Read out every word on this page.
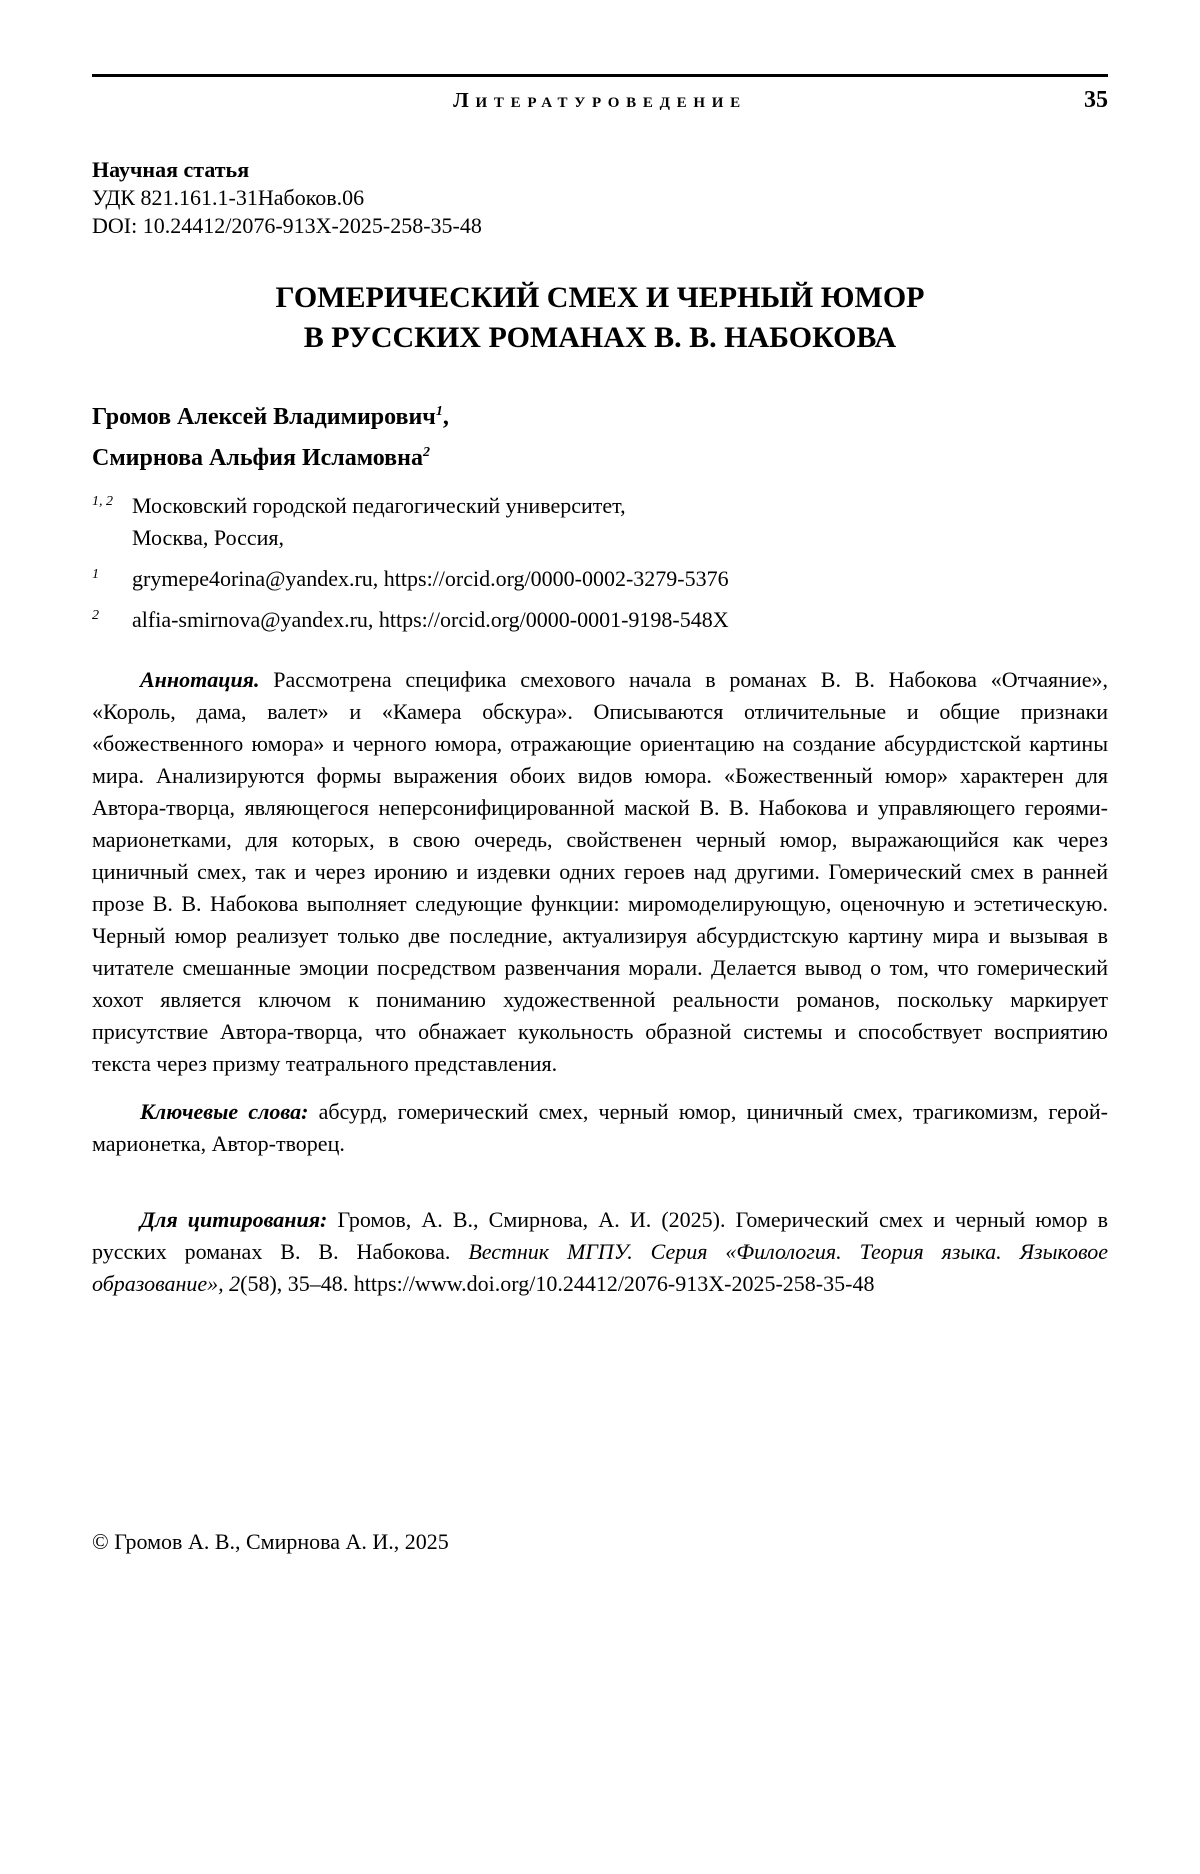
Литературоведение	35
Научная статья
УДК 821.161.1-31Набоков.06
DOI: 10.24412/2076-913X-2025-258-35-48
ГОМЕРИЧЕСКИЙ СМЕХ И ЧЕРНЫЙ ЮМОР
В РУССКИХ РОМАНАХ В. В. НАБОКОВА
Громов Алексей Владимирович$^1$,
Смирнова Альфия Исламовна$^2$
1, 2 Московский городской педагогический университет,
Москва, Россия,
1	grymepe4orina@yandex.ru, https://orcid.org/0000-0002-3279-5376
2	alfia-smirnova@yandex.ru, https://orcid.org/0000-0001-9198-548X

Аннотация. Рассмотрена специфика смехового начала в романах В. В. Набокова «Отчаяние», «Король, дама, валет» и «Камера обскура». Описываются отличительные и общие признаки «божественного юмора» и черного юмора, отражающие ориентацию на создание абсурдистской картины мира. Анализируются формы выражения обоих видов юмора. «Божественный юмор» характерен для Автора-творца, являющегося неперсонифицированной маской В. В. Набокова и управляющего героями-марионетками, для которых, в свою очередь, свойственен черный юмор, выражающийся как через циничный смех, так и через иронию и издевки одних героев над другими. Гомерический смех в ранней прозе В. В. Набокова выполняет следующие функции: миромоделирующую, оценочную и эстетическую. Черный юмор реализует только две последние, актуализируя абсурдистскую картину мира и вызывая в читателе смешанные эмоции посредством развенчания морали. Делается вывод о том, что гомерический хохот является ключом к пониманию художественной реальности романов, поскольку маркирует присутствие Автора-творца, что обнажает кукольность образной системы и способствует восприятию текста через призму театрального представления.

Ключевые слова: абсурд, гомерический смех, черный юмор, циничный смех, трагикомизм, герой-марионетка, Автор-творец.

Для цитирования: Громов, А. В., Смирнова, А. И. (2025). Гомерический смех и черный юмор в русских романах В. В. Набокова. Вестник МГПУ. Серия «Филология. Теория языка. Языковое образование», 2(58), 35–48. https://www.doi.org/10.24412/2076-913X-2025-258-35-48

© Громов А. В., Смирнова А. И., 2025
